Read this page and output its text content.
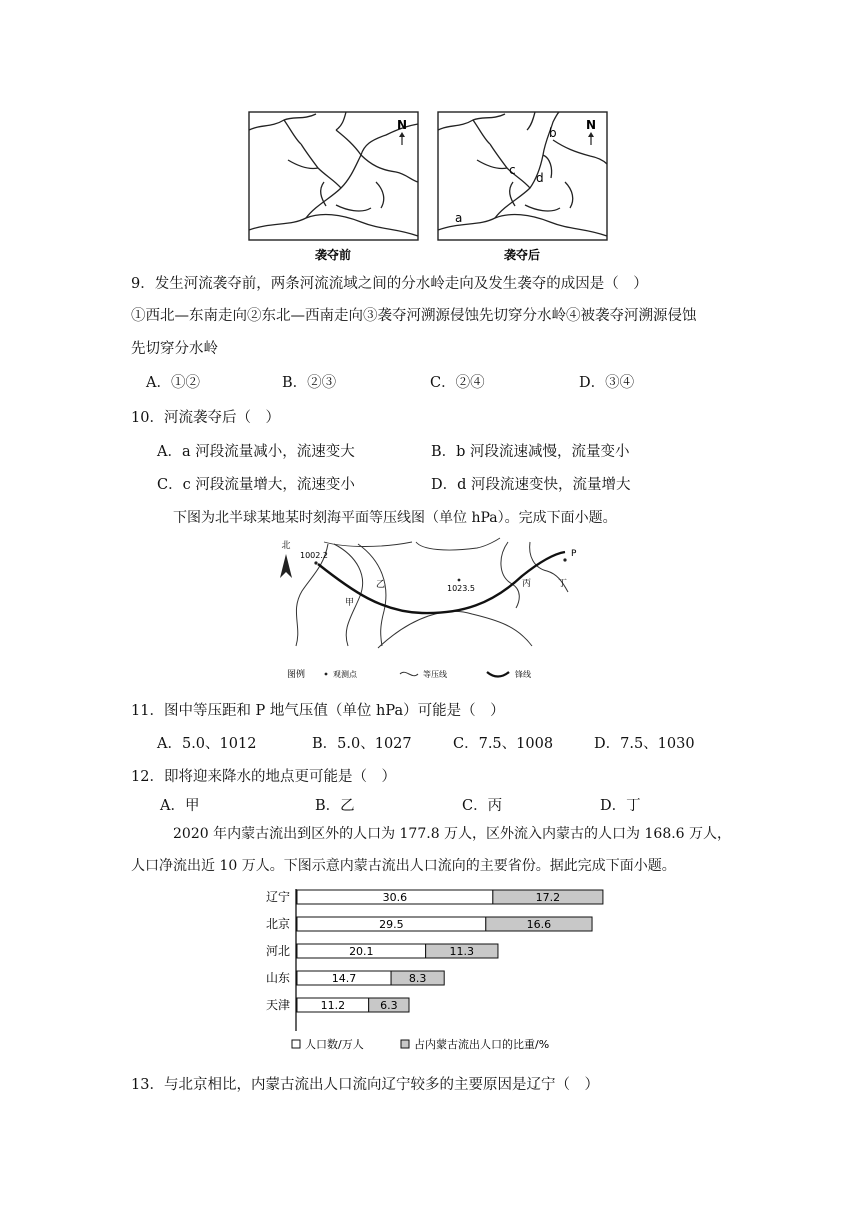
N
袭夺前
a
b
c
d
N
袭夺后
9．发生河流袭夺前，两条河流流域之间的分水岭走向及发生袭夺的成因是（　）
①西北—东南走向②东北—西南走向③袭夺河溯源侵蚀先切穿分水岭④被袭夺河溯源侵蚀
先切穿分水岭
A．①②	B．②③	C．②④	D．③④
10．河流袭夺后（　）
A．a 河段流量减小，流速变大	B．b 河段流速减慢，流量变小
C．c 河段流量增大，流速变小	D．d 河段流速变快，流量增大
下图为北半球某地某时刻海平面等压线图（单位 hPa）。完成下面小题。
北
1002.2
1023.5
P
甲
乙	丙	丁
图例	观测点	等压线	锋线
11．图中等压距和 P 地气压值（单位 hPa）可能是（　）
A．5.0、1012	B．5.0、1027	C．7.5、1008	D．7.5、1030
12．即将迎来降水的地点更可能是（　）
A．甲	B．乙	C．丙	D．丁
2020 年内蒙古流出到区外的人口为 177.8 万人，区外流入内蒙古的人口为 168.6 万人，
人口净流出近 10 万人。下图示意内蒙古流出人口流向的主要省份。据此完成下面小题。
辽宁	30.6	17.2
北京	29.5	16.6
河北	20.1	11.3
山东	14.7	8.3
天津	11.2	6.3
人口数/万人	占内蒙古流出人口的比重/%
13．与北京相比，内蒙古流出人口流向辽宁较多的主要原因是辽宁（　）
